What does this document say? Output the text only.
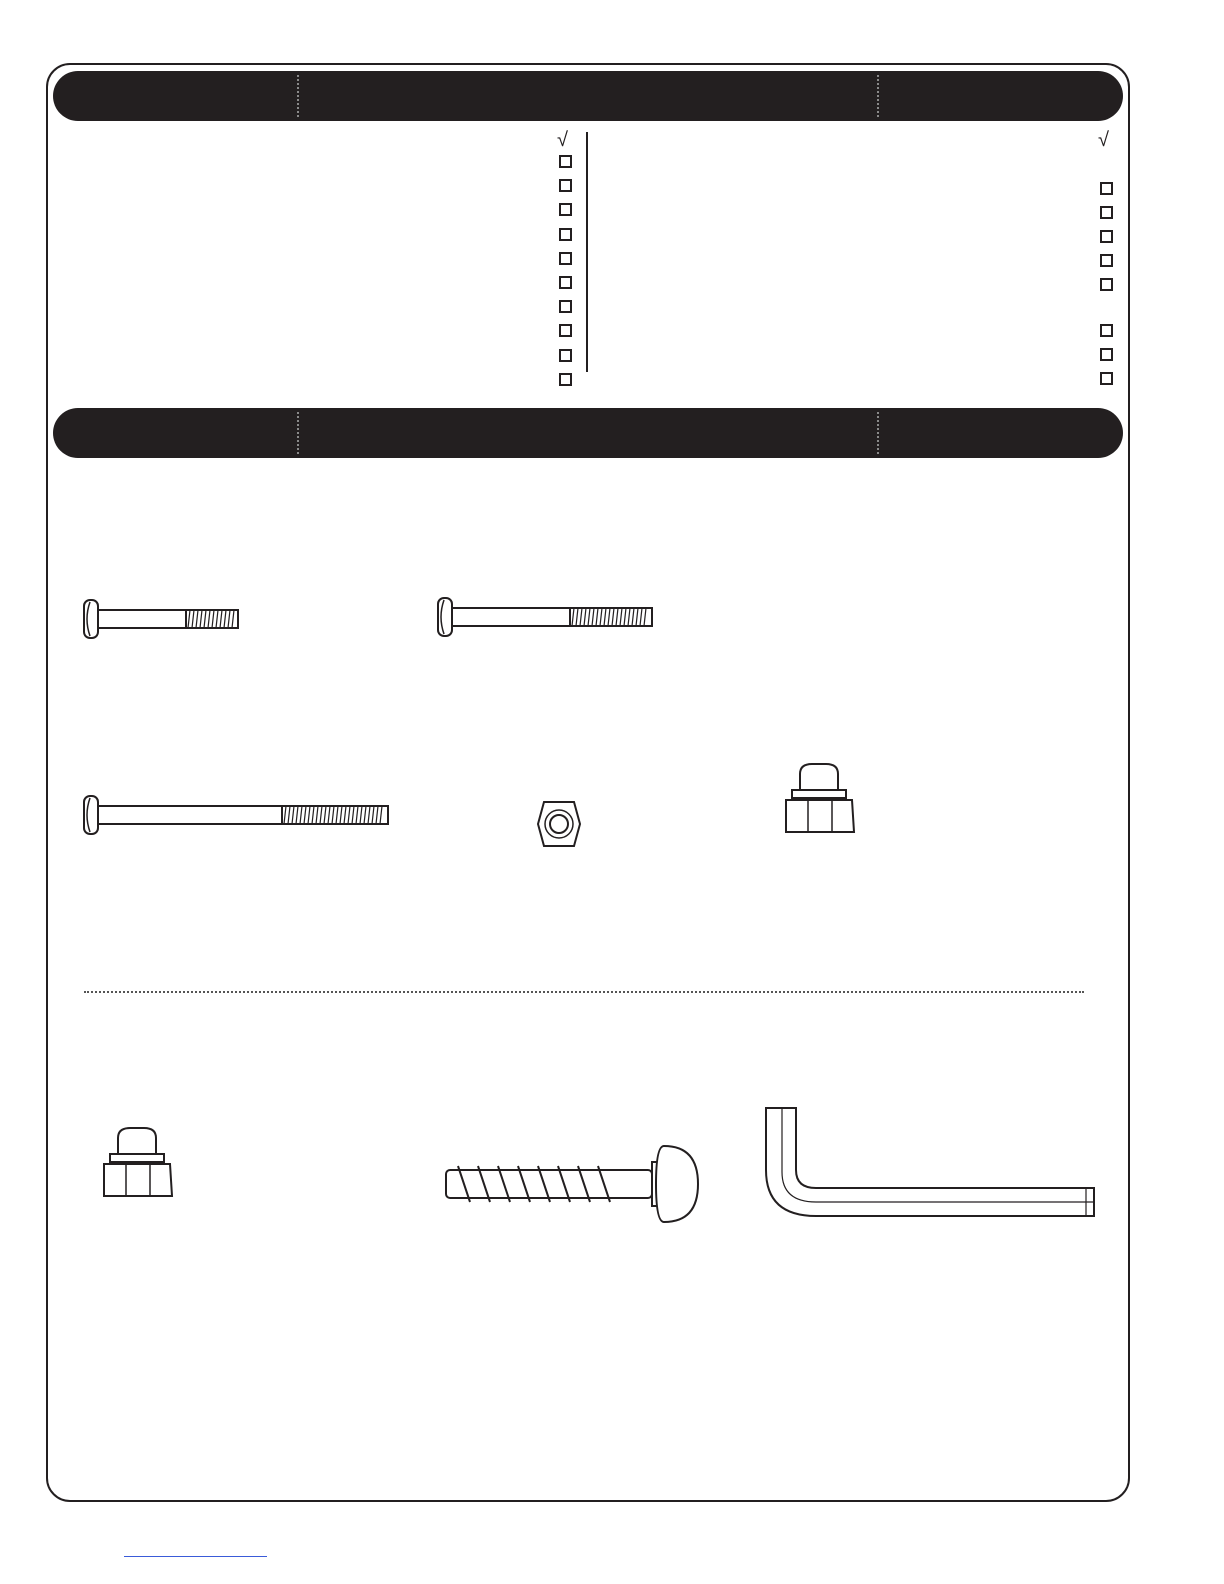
√	√
